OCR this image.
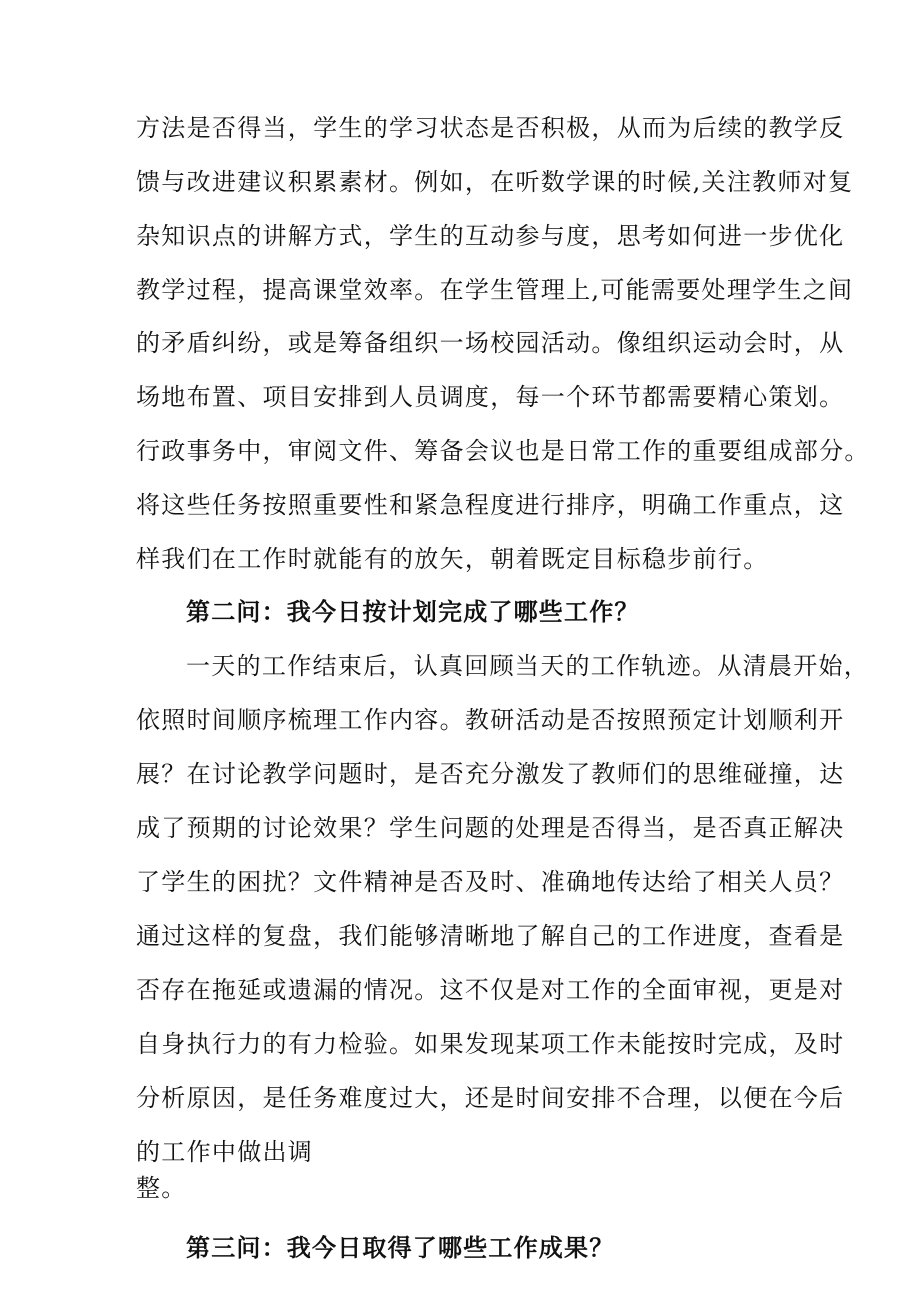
方法是否得当，学生的学习状态是否积极，从而为后续的教学反
馈与改进建议积累素材。例如，在听数学课的时候,关注教师对复
杂知识点的讲解方式，学生的互动参与度，思考如何进一步优化
教学过程，提高课堂效率。在学生管理上,可能需要处理学生之间
的矛盾纠纷，或是筹备组织一场校园活动。像组织运动会时，从
场地布置、项目安排到人员调度，每一个环节都需要精心策划。
行政事务中，审阅文件、筹备会议也是日常工作的重要组成部分。
将这些任务按照重要性和紧急程度进行排序，明确工作重点，这
样我们在工作时就能有的放矢，朝着既定目标稳步前行。
第二问：我今日按计划完成了哪些工作？
一天的工作结束后，认真回顾当天的工作轨迹。从清晨开始，
依照时间顺序梳理工作内容。教研活动是否按照预定计划顺利开
展？在讨论教学问题时，是否充分激发了教师们的思维碰撞，达
成了预期的讨论效果？学生问题的处理是否得当，是否真正解决
了学生的困扰？文件精神是否及时、准确地传达给了相关人员？
通过这样的复盘，我们能够清晰地了解自己的工作进度，查看是
否存在拖延或遗漏的情况。这不仅是对工作的全面审视，更是对
自身执行力的有力检验。如果发现某项工作未能按时完成，及时
分析原因，是任务难度过大，还是时间安排不合理，以便在今后
的工作中做出调
整。
第三问：我今日取得了哪些工作成果？
